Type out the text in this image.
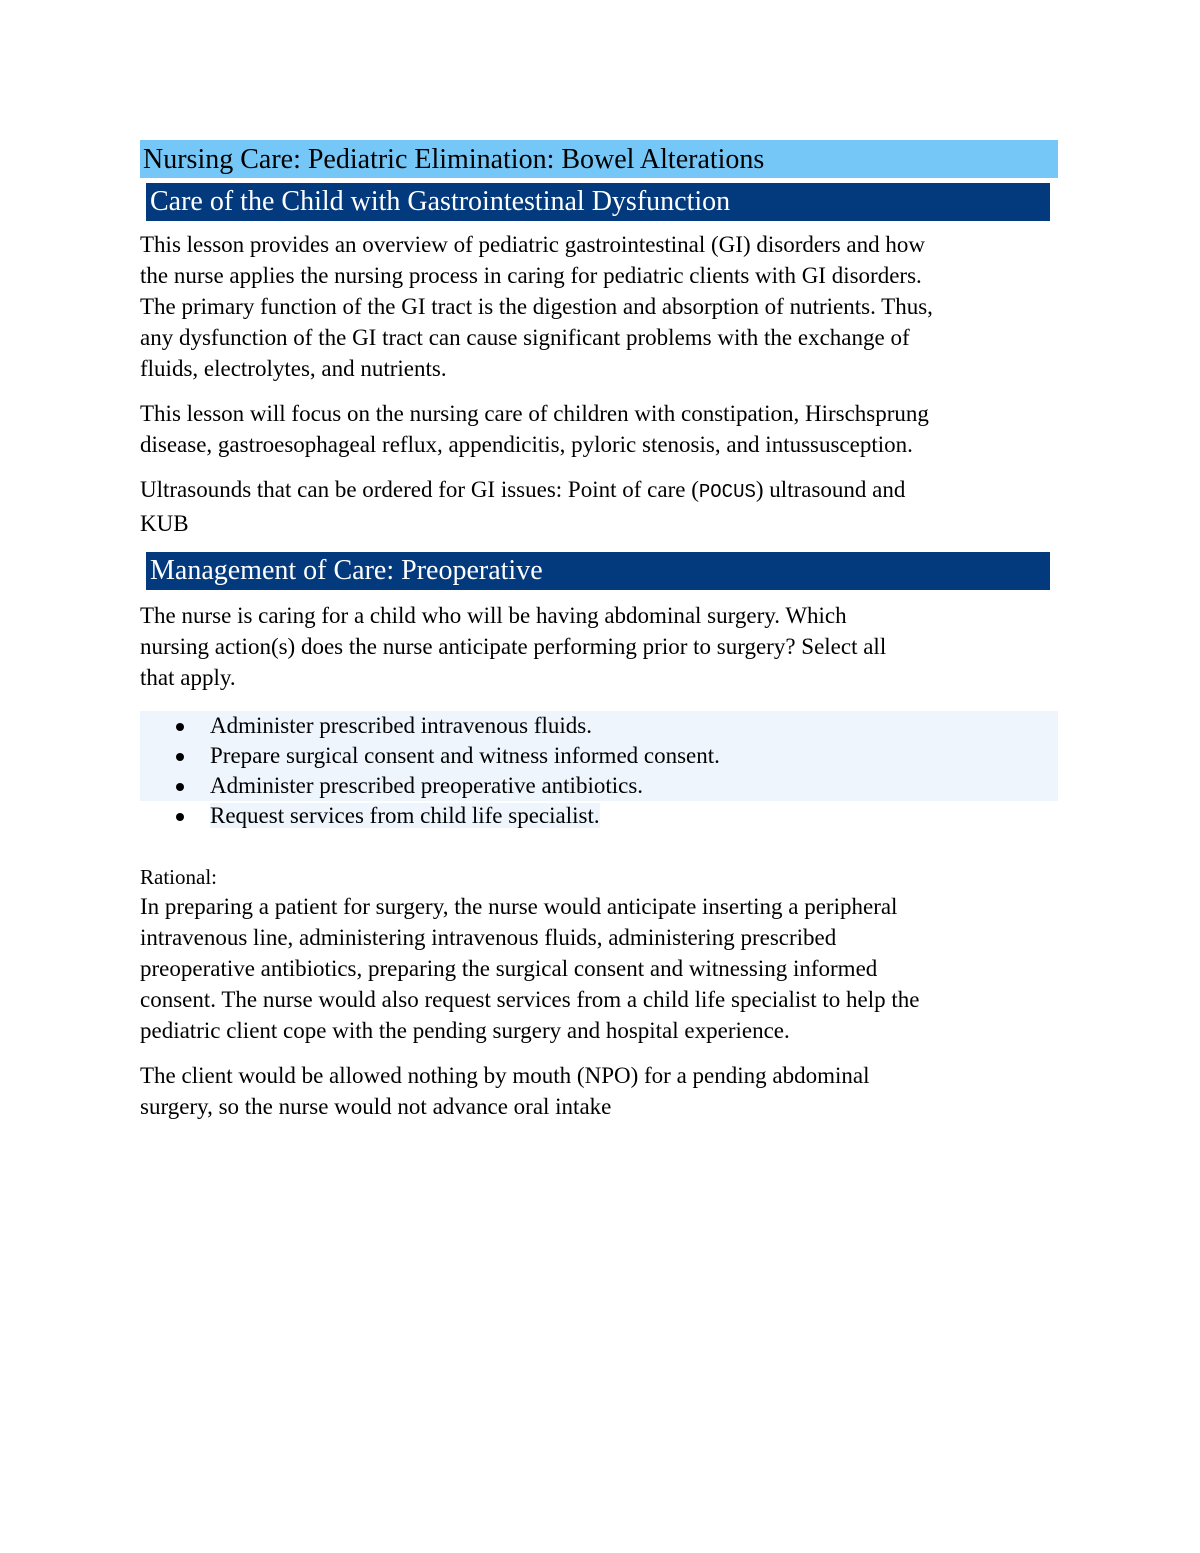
Nursing Care: Pediatric Elimination: Bowel Alterations
Care of the Child with Gastrointestinal Dysfunction

This lesson provides an overview of pediatric gastrointestinal (GI) disorders and how
the nurse applies the nursing process in caring for pediatric clients with GI disorders.
The primary function of the GI tract is the digestion and absorption of nutrients. Thus,
any dysfunction of the GI tract can cause significant problems with the exchange of
fluids, electrolytes, and nutrients.

This lesson will focus on the nursing care of children with constipation, Hirschsprung
disease, gastroesophageal reflux, appendicitis, pyloric stenosis, and intussusception.

Ultrasounds that can be ordered for GI issues: Point of care (POCUS) ultrasound and
KUB

Management of Care: Preoperative

The nurse is caring for a child who will be having abdominal surgery. Which
nursing action(s) does the nurse anticipate performing prior to surgery? Select all
that apply.

Administer prescribed intravenous fluids.
Prepare surgical consent and witness informed consent.
Administer prescribed preoperative antibiotics.
Request services from child life specialist.

Rational:

In preparing a patient for surgery, the nurse would anticipate inserting a peripheral
intravenous line, administering intravenous fluids, administering prescribed
preoperative antibiotics, preparing the surgical consent and witnessing informed
consent. The nurse would also request services from a child life specialist to help the
pediatric client cope with the pending surgery and hospital experience.

The client would be allowed nothing by mouth (NPO) for a pending abdominal
surgery, so the nurse would not advance oral intake
